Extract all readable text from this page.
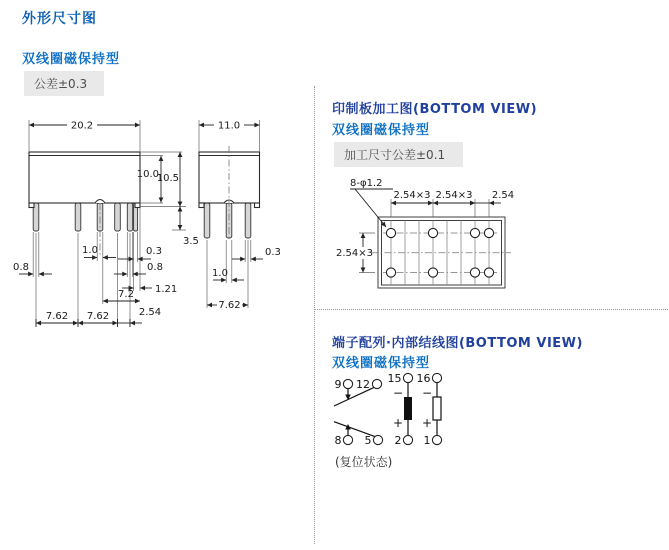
外形尺寸图
双线圈磁保持型
公差±0.3
20.2
10.0
10.5
3.5
1.0	0.3
0.8	0.8
1.21
7.2
7.62 7.62	2.54
11.0
0.3
1.0
7.62
印制板加工图(BOTTOM VIEW)
双线圈磁保持型
加工尺寸公差±0.1
8-φ1.2
2.54×3 2.54×3 2.54
2.54×3
端子配列·内部结线图(BOTTOM VIEW)
双线圈磁保持型
−
+
−
+
9 12 15 16
8 5 2 1
(复位状态)
